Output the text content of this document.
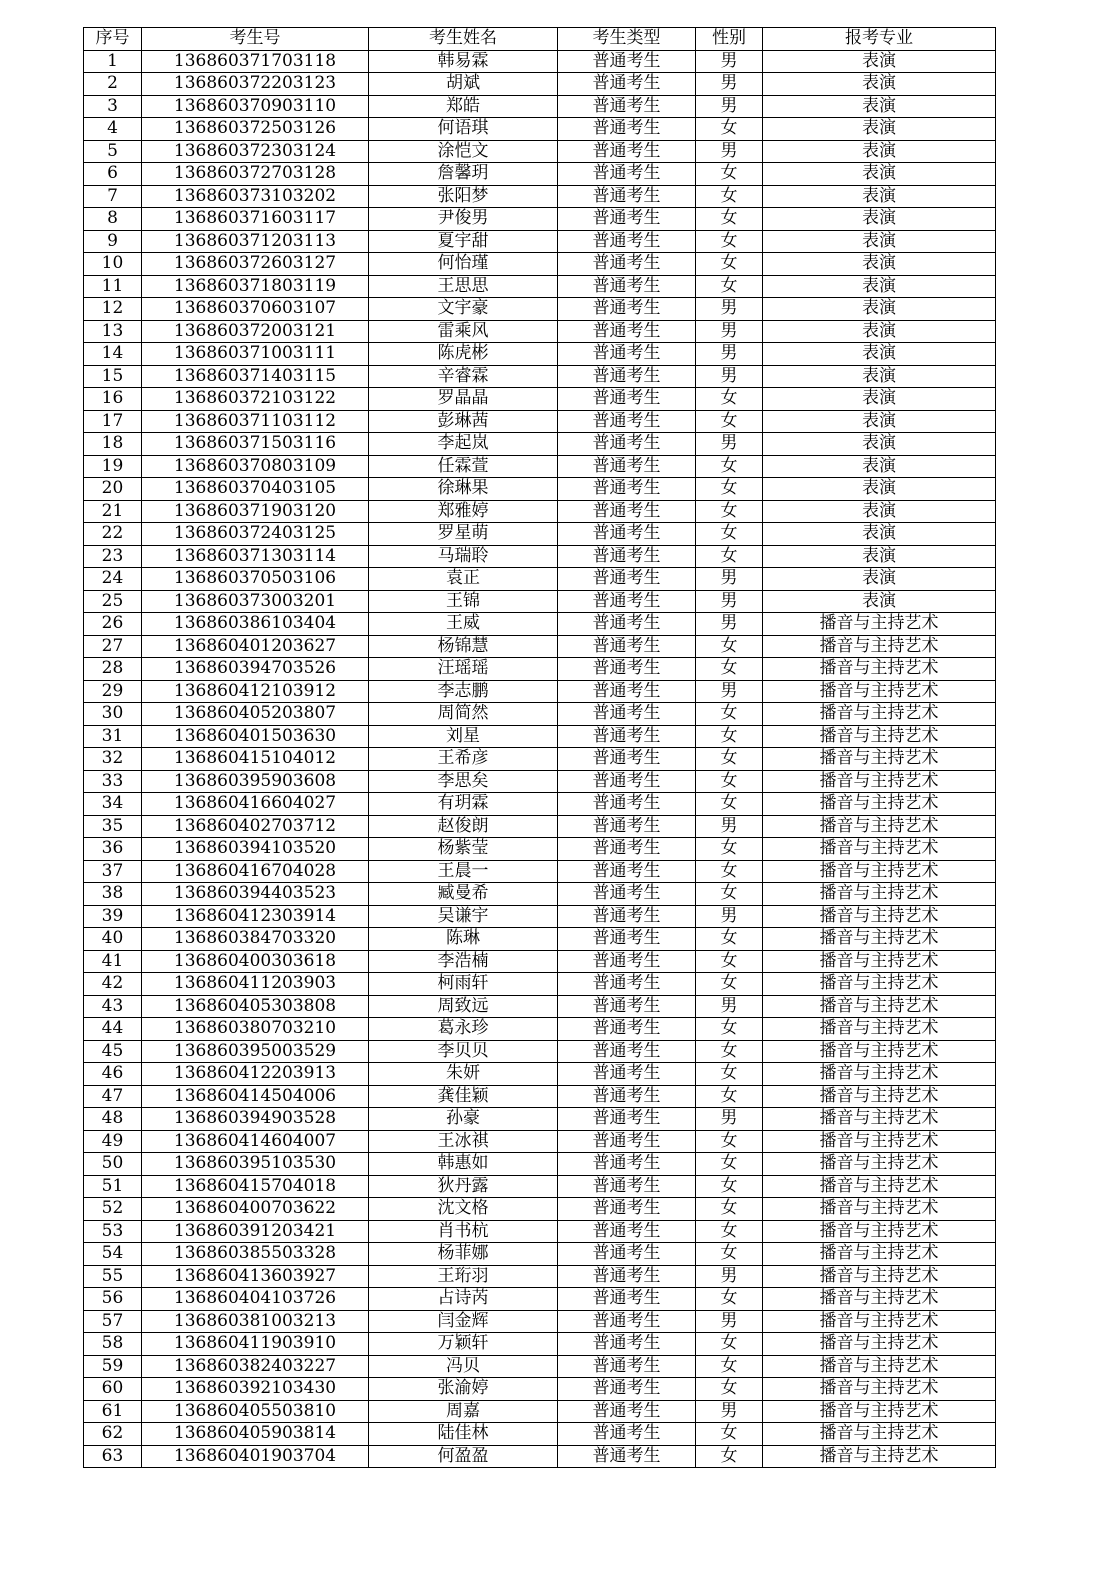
序号	考生号	考生姓名	考生类型	性别	报考专业
1	136860371703118	韩易霖	普通考生	男	表演
2	136860372203123	胡斌	普通考生	男	表演
3	136860370903110	郑皓	普通考生	男	表演
4	136860372503126	何语琪	普通考生	女	表演
5	136860372303124	涂恺文	普通考生	男	表演
6	136860372703128	詹馨玥	普通考生	女	表演
7	136860373103202	张阳梦	普通考生	女	表演
8	136860371603117	尹俊男	普通考生	女	表演
9	136860371203113	夏宇甜	普通考生	女	表演
10	136860372603127	何怡瑾	普通考生	女	表演
11	136860371803119	王思思	普通考生	女	表演
12	136860370603107	文宇豪	普通考生	男	表演
13	136860372003121	雷乘风	普通考生	男	表演
14	136860371003111	陈虎彬	普通考生	男	表演
15	136860371403115	辛睿霖	普通考生	男	表演
16	136860372103122	罗晶晶	普通考生	女	表演
17	136860371103112	彭琳茜	普通考生	女	表演
18	136860371503116	李起岚	普通考生	男	表演
19	136860370803109	任霖萱	普通考生	女	表演
20	136860370403105	徐琳果	普通考生	女	表演
21	136860371903120	郑雅婷	普通考生	女	表演
22	136860372403125	罗星萌	普通考生	女	表演
23	136860371303114	马瑞聆	普通考生	女	表演
24	136860370503106	袁正	普通考生	男	表演
25	136860373003201	王锦	普通考生	男	表演
26	136860386103404	王威	普通考生	男	播音与主持艺术
27	136860401203627	杨锦慧	普通考生	女	播音与主持艺术
28	136860394703526	汪瑶瑶	普通考生	女	播音与主持艺术
29	136860412103912	李志鹏	普通考生	男	播音与主持艺术
30	136860405203807	周简然	普通考生	女	播音与主持艺术
31	136860401503630	刘星	普通考生	女	播音与主持艺术
32	136860415104012	王希彦	普通考生	女	播音与主持艺术
33	136860395903608	李思矣	普通考生	女	播音与主持艺术
34	136860416604027	有玥霖	普通考生	女	播音与主持艺术
35	136860402703712	赵俊朗	普通考生	男	播音与主持艺术
36	136860394103520	杨紫莹	普通考生	女	播音与主持艺术
37	136860416704028	王晨一	普通考生	女	播音与主持艺术
38	136860394403523	臧曼希	普通考生	女	播音与主持艺术
39	136860412303914	吴谦宇	普通考生	男	播音与主持艺术
40	136860384703320	陈琳	普通考生	女	播音与主持艺术
41	136860400303618	李浩楠	普通考生	女	播音与主持艺术
42	136860411203903	柯雨轩	普通考生	女	播音与主持艺术
43	136860405303808	周致远	普通考生	男	播音与主持艺术
44	136860380703210	葛永珍	普通考生	女	播音与主持艺术
45	136860395003529	李贝贝	普通考生	女	播音与主持艺术
46	136860412203913	朱妍	普通考生	女	播音与主持艺术
47	136860414504006	龚佳颖	普通考生	女	播音与主持艺术
48	136860394903528	孙豪	普通考生	男	播音与主持艺术
49	136860414604007	王冰祺	普通考生	女	播音与主持艺术
50	136860395103530	韩惠如	普通考生	女	播音与主持艺术
51	136860415704018	狄丹露	普通考生	女	播音与主持艺术
52	136860400703622	沈文格	普通考生	女	播音与主持艺术
53	136860391203421	肖书杭	普通考生	女	播音与主持艺术
54	136860385503328	杨菲娜	普通考生	女	播音与主持艺术
55	136860413603927	王珩羽	普通考生	男	播音与主持艺术
56	136860404103726	占诗芮	普通考生	女	播音与主持艺术
57	136860381003213	闫金辉	普通考生	男	播音与主持艺术
58	136860411903910	万颖轩	普通考生	女	播音与主持艺术
59	136860382403227	冯贝	普通考生	女	播音与主持艺术
60	136860392103430	张渝婷	普通考生	女	播音与主持艺术
61	136860405503810	周嘉	普通考生	男	播音与主持艺术
62	136860405903814	陆佳林	普通考生	女	播音与主持艺术
63	136860401903704	何盈盈	普通考生	女	播音与主持艺术
